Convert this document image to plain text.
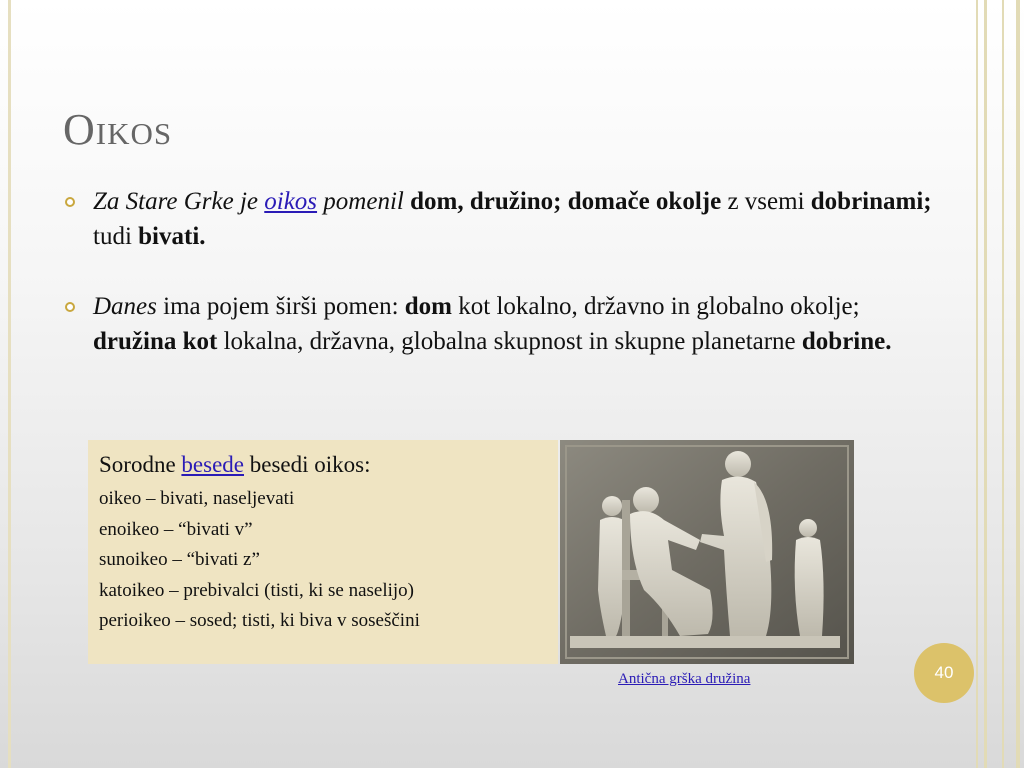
Oikos
Za Stare Grke je oikos pomenil dom, družino; domače okolje z vsemi dobrinami; tudi bivati.
Danes ima pojem širši pomen: dom kot lokalno, državno in globalno okolje; družina kot lokalna, državna, globalna skupnost in skupne planetarne dobrine.

Sorodne besede besedi oikos:

oikeo – bivati, naseljevati

enoikeo – “bivati v”

sunoikeo – “bivati z”

katoikeo – prebivalci (tisti, ki se naselijo)

perioikeo – sosed; tisti, ki biva v soseščini

Antična grška družina	40
